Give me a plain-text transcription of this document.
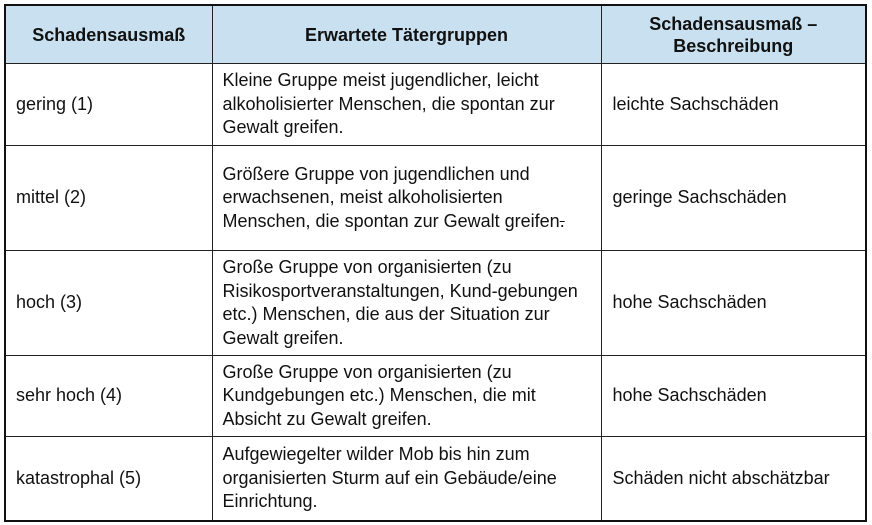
Schadensausmaß	Erwartete Tätergruppen	Schadensausmaß –
Beschreibung
gering (1)	Kleine Gruppe meist jugendlicher, leicht alkoholisierter Menschen, die spontan zur Gewalt greifen.	leichte Sachschäden
mittel (2)	Größere Gruppe von jugendlichen und erwachsenen, meist alkoholisierten Menschen, die spontan zur Gewalt greifen.	geringe Sachschäden
hoch (3)	Große Gruppe von organisierten (zu Risikosportveranstaltungen, Kund-gebungen etc.) Menschen, die aus der Situation zur Gewalt greifen.	hohe Sachschäden
sehr hoch (4)	Große Gruppe von organisierten (zu Kundgebungen etc.) Menschen, die mit Absicht zu Gewalt greifen.	hohe Sachschäden
katastrophal (5)	Aufgewiegelter wilder Mob bis hin zum organisierten Sturm auf ein Gebäude/eine Einrichtung.	Schäden nicht abschätzbar
